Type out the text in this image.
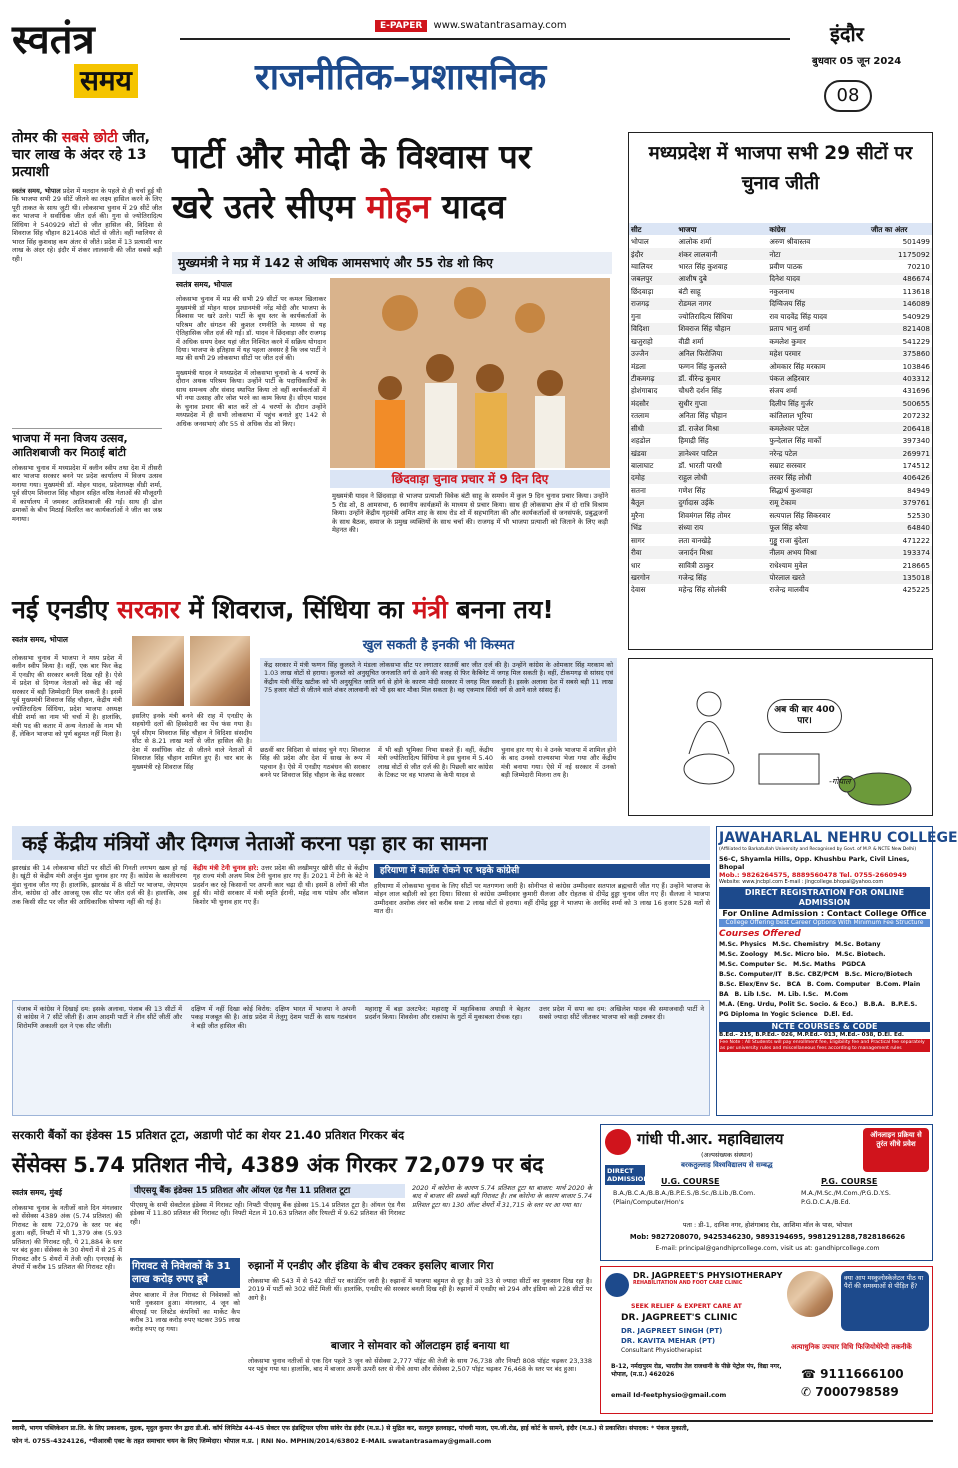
स्वतंत्र
समय
E-PAPER www.swatantrasamay.com	इंदौर
बुधवार 05 जून 2024
08
राजनीतिक–प्रशासनिक
तोमर की सबसे छोटी जीत, चार लाख के अंदर रहे 13 प्रत्याशी
स्वतंत्र समय, भोपाल प्रदेश में मतदान के पहले से ही चर्चा हुई थी कि भाजपा सभी 29 सीटें जीतने का लक्ष्य हासिल करने के लिए पूरी ताकत के साथ जुटी थी। लोकसभा चुनाव में 29 सीटें जीत कर भाजपा ने सर्वाधिक जीत दर्ज की। गुना से ज्योतिरादित्य सिंधिया ने 540929 वोटों से जीत हासिल की, विदिशा से शिवराज सिंह चौहान 821408 वोटों से जीते। वहीं ग्वालियर से भारत सिंह कुशवाह कम अंतर से जीते। प्रदेश में 13 प्रत्याशी चार लाख के अंदर रहे। इंदौर में शंकर लालवानी की जीत सबसे बड़ी रही।
भाजपा में मना विजय उत्सव, आतिशबाजी कर मिठाई बांटी
लोकसभा चुनाव में मध्यप्रदेश में क्लीन स्वीप तथा देश में तीसरी बार भाजपा सरकार बनने पर प्रदेश कार्यालय में विजय उत्सव मनाया गया। मुख्यमंत्री डॉ. मोहन यादव, प्रदेशाध्यक्ष वीडी शर्मा, पूर्व सीएम शिवराज सिंह चौहान सहित वरिष्ठ नेताओं की मौजूदगी में कार्यालय में जमकर आतिशबाजी की गई। साथ ही ढोल ढमाकों के बीच मिठाई वितरित कर कार्यकर्ताओं ने जीत का जश्न मनाया।
पार्टी और मोदी के विश्वास पर
खरे उतरे सीएम मोहन यादव
मुख्यमंत्री ने मप्र में 142 से अधिक आमसभाएं और 55 रोड शो किए
स्वतंत्र समय, भोपाल
लोकसभा चुनाव में मप्र की सभी 29 सीटों पर कमल खिलाकर मुख्यमंत्री डॉ मोहन यादव प्रधानमंत्री नरेंद्र मोदी और भाजपा के विश्वास पर खरे उतरे। पार्टी के बूथ स्तर के कार्यकर्ताओं के परिश्रम और संगठन की कुशल रणनीति के माध्यम से यह ऐतिहासिक जीत दर्ज की गई। डॉ. यादव ने छिंदवाड़ा और राजगढ़ में अधिक समय देकर यहां जीत निश्चित करने में सक्रिय योगदान दिया। भाजपा के इतिहास में यह पहला अवसर है कि जब पार्टी ने मप्र की सभी 29 लोकसभा सीटों पर जीत दर्ज की।
मुख्यमंत्री यादव ने मध्यप्रदेश में लोकसभा चुनावों के 4 चरणों के दौरान अथक परिश्रम किया। उन्होंने पार्टी के पदाधिकारियों के साथ समन्वय और संवाद स्थापित किया तो वहीं कार्यकर्ताओं में भी नया उत्साह और जोश भरने का काम किया है। सीएम यादव के चुनाव प्रचार की बात करें तो 4 चरणों के दौरान उन्होंने मध्यप्रदेश में ही सभी लोकसभा में पहुंच बनाते हुए 142 से अधिक जनसभाएं और 55 से अधिक रोड शो किए।
छिंदवाड़ा चुनाव प्रचार में 9 दिन दिए
मुख्यमंत्री यादव ने छिंदवाड़ा से भाजपा प्रत्याशी विवेक बंटी साहू के समर्थन में कुल 9 दिन चुनाव प्रचार किया। उन्होंने 5 रोड शो, 8 आमसभा, 6 स्थानीय कार्यक्रमों के माध्यम से प्रचार किया। साथ ही लोकसभा क्षेत्र में दो रात्रि विश्राम किया। उन्होंने केंद्रीय गृहमंत्री अमित शाह के साथ रोड शो में सहभागिता की और कार्यकर्ताओं से जनसंपर्क, प्रबुद्धजनों के साथ बैठक, समाज के प्रमुख व्यक्तियों के साथ चर्चा की। राजगढ़ में भी भाजपा प्रत्याशी को जिताने के लिए कड़ी मेहनत की।
मध्यप्रदेश में भाजपा सभी 29 सीटों पर चुनाव जीती
सीट	भाजपा	कांग्रेस	जीत का अंतर
भोपाल	आलोक शर्मा	अरुण श्रीवास्तव	501499
इंदौर	शंकर लालवानी	नोटा	1175092
ग्वालियर	भारत सिंह कुशवाह	प्रवीण पाठक	70210
जबलपुर	आशीष दुबे	दिनेश यादव	486674
छिंदवाड़ा	बंटी साहू	नकुलनाथ	113618
राजगढ़	रोडमल नागर	दिग्विजय सिंह	146089
गुना	ज्योतिरादित्य सिंधिया	राव यादवेंद्र सिंह यादव	540929
विदिशा	शिवराज सिंह चौहान	प्रताप भानु शर्मा	821408
खजुराहो	वीडी शर्मा	कमलेश कुमार	541229
उज्जैन	अनिल फिरोजिया	महेश परमार	375860
मंडला	फग्गन सिंह कुलस्ते	ओमकार सिंह मरकाम	103846
टीकमगढ़	डॉ. वीरेन्द्र कुमार	पंकज अहिरवार	403312
होशंगाबाद	चौधरी दर्शन सिंह	संजय शर्मा	431696
मंदसौर	सुधीर गुप्ता	दिलीप सिंह गुर्जर	500655
रतलाम	अनिता सिंह चौहान	कांतिलाल भूरिया	207232
सीधी	डॉ. राजेश मिश्रा	कमलेश्वर पटेल	206418
शहडोल	हिमाद्री सिंह	फुन्देलाल सिंह मार्को	397340
खंडवा	ज्ञानेश्वर पाटिल	नरेन्द्र पटेल	269971
बालाघाट	डॉ. भारती पारधी	सम्राट सरस्वार	174512
दमोह	राहुल लोधी	तरवर सिंह लोधी	406426
सतना	गणेश सिंह	सिद्धार्थ कुशवाहा	84949
बैतूल	दुर्गादास उईके	रामू टेकाम	379761
मुरैना	शिवमंगल सिंह तोमर	सत्यपाल सिंह सिकरवार	52530
भिंड	संध्या राय	फूल सिंह बरैया	64840
सागर	लता वानखेड़े	गुड्डू राजा बुंदेला	471222
रीवा	जनार्दन मिश्रा	नीलम अभय मिश्रा	193374
धार	सावित्री ठाकुर	राधेश्याम मुवेल	218665
खरगोन	गजेन्द्र सिंह	पोरलाल खरते	135018
देवास	महेन्द्र सिंह सोलंकी	राजेन्द्र मालवीय	425225
अब की बार 400 पार।
-गोपाल
नई एनडीए सरकार में शिवराज, सिंधिया का मंत्री बनना तय!
स्वतंत्र समय, भोपाल
लोकसभा चुनाव में भाजपा ने मध्य प्रदेश में क्लीन स्वीप किया है। वहीं, एक बार फिर केंद्र में एनडीए की सरकार बनती दिख रही है। ऐसे में प्रदेश से दिग्गज नेताओं को केंद्र की नई सरकार में बड़ी जिम्मेदारी मिल सकती है। इसमें पूर्व मुख्यमंत्री शिवराज सिंह चौहान, केंद्रीय मंत्री ज्योतिरादित्य सिंधिया, प्रदेश भाजपा अध्यक्ष वीडी शर्मा का नाम भी चर्चा में है। हालांकि, मंत्री पद की कतार में अन्य नेताओं के नाम भी हैं, लेकिन भाजपा को पूर्ण बहुमत नहीं मिला है।
इसलिए इनके मंत्री बनने की राह में एनडीए के सहयोगी दलों की हिस्सेदारी का पेंच फंस गया है। पूर्व सीएम शिवराज सिंह चौहान ने विदिशा संसदीय सीट से 8.21 लाख मतों से जीत हासिल की है। देश में सर्वाधिक वोट से जीतने वाले नेताओं में शिवराज सिंह चौहान शामिल हुए हैं। चार बार के मुख्यमंत्री रहे शिवराज सिंह
खुल सकती है इनकी भी किस्मत
केंद्र सरकार में मंत्री फग्गन सिंह कुलस्ते ने मंडला लोकसभा सीट पर लगातार सातवीं बार जीत दर्ज की है। उन्होंने कांग्रेस के ओमकार सिंह मरकाम को 1.03 लाख वोटों से हराया। कुलस्ते को अनुसूचित जनजाति वर्ग से आने की वजह से फिर कैबिनेट में जगह मिल सकती है। वहीं, टीकमगढ़ से सांसद एवं केंद्रीय मंत्री वीरेंद्र खटीक को भी अनुसूचित जाति वर्ग से होने के कारण मोदी सरकार में जगह मिल सकती है। इसके अलावा देश में सबसे बड़ी 11 लाख 75 हजार वोटों से जीतने वाले शंकर लालवानी को भी इस बार मौका मिल सकता है। वह एकमात्र सिंधी वर्ग से आने वाले सांसद हैं।
छठवीं बार विदिशा से सांसद चुने गए। शिवराज सिंह की प्रदेश और देश में साख के रूप में पहचान है। ऐसे में एनडीए गठबंधन की सरकार बनने पर शिवराज सिंह चौहान के केंद्र सरकार
में भी बड़ी भूमिका निभा सकते हैं। वहीं, केंद्रीय मंत्री ज्योतिरादित्य सिंधिया ने इस चुनाव में 5.40 लाख वोटों से जीत दर्ज की है। पिछली बार कांग्रेस के टिकट पर वह भाजपा के केपी यादव से
चुनाव हार गए थे। वे उनके भाजपा में शामिल होने के बाद उनको राज्यसभा भेजा गया और केंद्रीय मंत्री बनाया गया। ऐसे में नई सरकार में उनको बड़ी जिम्मेदारी मिलना तय है।
JAWAHARLAL NEHRU COLLEGE
(Affiliated to Barkatullah University and Recognised by Govt. of M.P. & NCTE New Delhi)
56-C, Shyamla Hills, Opp. Khushbu Park, Civil Lines, Bhopal
Mob.: 9826264575, 8889560478 Tel. 0755-2660949
Website: www.jncbpl.com E-mail : jlngcollege.bhopal@yahoo.com
DIRECT REGISTRATION FOR ONLINE ADMISSION
For Online Admission : Contact College Office
College Offering best Career Options With Minimum Fee Structure
Courses Offered
M.Sc. Physics M.Sc. Chemistry M.Sc. BotanyM.Sc. Zoology M.Sc. Micro bio. M.Sc. Biotech.M.Sc. Computer Sc. M.Sc. Maths PGDCAB.Sc. Computer/IT B.Sc. CBZ/PCM B.Sc. Micro/BiotechB.Sc. Elex/Env Sc. BCA B. Com. Computer B.Com. PlainBA B. Lib I.Sc. M. Lib. I.Sc. M.ComM.A. (Eng. Urdu, Polit Sc. Socio. & Eco.) B.B.A. B.P.E.S.PG Diploma In Yogic Science D.El. Ed.
NCTE COURSES & CODE
B.Ed.- 215, B.P.Ed.- 026, M.P.Ed.- 013, M.Ed.- 038, D.El. Ed.
Fee Note : All Students will pay enrollment fee, Eligibility fee and Practical fee separately as per university rules and miscellaneous fees according to management rules
कई केंद्रीय मंत्रियों और दिग्गज नेताओं करना पड़ा हार का सामना
झारखंड की 14 लोकसभा सीटों पर सीटों की गिनती लगभग खत्म हो गई है। खूंटी से केंद्रीय मंत्री अर्जुन मुंडा चुनाव हार गए हैं। कांग्रेस के कालीचरण मुंडा चुनाव जीत गए हैं। हालांकि, झारखंड में 8 सीटों पर भाजपा, जेएमएम तीन, कांग्रेस दो और आजसू एक सीट पर जीत दर्ज की है। हालांकि, अब तक किसी सीट पर जीत की आधिकारिक घोषणा नहीं की गई है।
केंद्रीय मंत्री टेनी चुनाव हारे: उत्तर प्रदेश की लखीमपुर खीरी सीट से केंद्रीय गृह राज्य मंत्री अजय मिश्र टेनी चुनाव हार गए हैं। 2021 में टेनी के बेटे ने प्रदर्शन कर रहे किसानों पर अपनी कार चढ़ा दी थी। इसमें 8 लोगों की मौत हुई थी। मोदी सरकार में मंत्री स्मृति ईरानी, महेंद्र नाथ पांडेय और कौशल किशोर भी चुनाव हार गए हैं।
हरियाणा में कार्ग्रेस रोकने पर भड़के कांग्रेसी
हरियाणा में लोकसभा चुनाव के लिए सीटों पर मतगणना जारी है। सोनीपत से कांग्रेस उम्मीदवार सतपाल ब्रह्मचारी जीत गए हैं। उन्होंने भाजपा के मोहन लाल बड़ौली को हरा दिया। सिरसा से कांग्रेस उम्मीदवार कुमारी सैलजा और रोहतक से दीपेंद्र हुड्डा चुनाव जीत गए हैं। सैलजा ने भाजपा उम्मीदवार अशोक तंवर को करीब सवा 2 लाख वोटों से हराया। वहीं दीपेंद्र हुड्डा ने भाजपा के अरविंद शर्मा को 3 लाख 16 हजार 528 मतों से मात दी।
पंजाब में कांग्रेस ने दिखाई दम: इसके अलावा, पंजाब की 13 सीटों में से कांग्रेस ने 7 सीटें जीती हैं। आम आदमी पार्टी ने तीन सीटें जीतीं और शिरोमणि अकाली दल ने एक सीट जीती।
दक्षिण में नहीं दिखा कोई विरोध: दक्षिण भारत में भाजपा ने अपनी पकड़ मजबूत की है। आंध्र प्रदेश में तेलुगु देशम पार्टी के साथ गठबंधन ने बड़ी जीत हासिल की।
महाराष्ट्र में बड़ा उलटफेर: महाराष्ट्र में महाविकास अघाड़ी ने बेहतर प्रदर्शन किया। शिवसेना और राकांपा के गुटों में मुकाबला रोचक रहा।
उत्तर प्रदेश में सपा का दम: अखिलेश यादव की समाजवादी पार्टी ने सबसे ज्यादा सीटें जीतकर भाजपा को कड़ी टक्कर दी।
सरकारी बैंकों का इंडेक्स 15 प्रतिशत टूटा, अडाणी पोर्ट का शेयर 21.40 प्रतिशत गिरकर बंद
सेंसेक्स 5.74 प्रतिशत नीचे, 4389 अंक गिरकर 72,079 पर बंद
स्वतंत्र समय, मुंबई
लोकसभा चुनाव के नतीजों वाले दिन मंगलवार को सेंसेक्स 4389 अंक (5.74 प्रतिशत) की गिरावट के साथ 72,079 के स्तर पर बंद हुआ। वहीं, निफ्टी में भी 1,379 अंक (5.93 प्रतिशत) की गिरावट रही, ये 21,884 के स्तर पर बंद हुआ। सेंसेक्स के 30 शेयरों में से 25 में गिरावट और 5 शेयरों में तेजी रही। एनएसई के शेयरों में करीब 15 प्रतिशत की गिरावट रही।
पीएसयू बैंक इंडेक्स 15 प्रतिशत और ऑयल एंड गैस 11 प्रतिशत टूटा
पीएसयू के सभी सेक्टोरल इंडेक्स में गिरावट रही। निफ्टी पीएसयू बैंक इंडेक्स 15.14 प्रतिशत टूटा है। ऑयल एंड गैस इंडेक्स में 11.80 प्रतिशत की गिरावट रही। निफ्टी मेटल में 10.63 प्रतिशत और रियल्टी में 9.62 प्रतिशत की गिरावट रही।
2020 में कोरोना के कारण 5.74 प्रतिशत टूटा था बाजार: मार्च 2020 के बाद ये बाजार की सबसे बड़ी गिरावट है। तब कोरोना के कारण बाजार 5.74 प्रतिशत टूटा था। 130 ऑल्ट शेयरों में 31,715 के स्तर पर आ गया था।
गिरावट से निवेशकों के 31 लाख करोड़ रुपए डूबे
शेयर बाजार में तेज गिरावट से निवेशकों को भारी नुकसान हुआ। मंगलवार, 4 जून को बीएसई पर लिस्टेड कंपनियों का मार्केट कैप करीब 31 लाख करोड़ रुपए घटकर 395 लाख करोड़ रुपए रह गया।
रुझानों में एनडीए और इंडिया के बीच टक्कर इसलिए बाजार गिरा
लोकसभा की 543 में से 542 सीटों पर काउंटिंग जारी है। रुझानों में भाजपा बहुमत से दूर है। उसे 33 से ज्यादा सीटों का नुकसान दिख रहा है। 2019 में पार्टी को 302 सीटें मिली थीं। हालांकि, एनडीए की सरकार बनती दिख रही है। रुझानों में एनडीए को 294 और इंडिया को 228 सीटों पर आगे है।
बाजार ने सोमवार को ऑलटाइम हाई बनाया था
लोकसभा चुनाव नतीजों से एक दिन पहले 3 जून को सेंसेक्स 2,777 पॉइंट की तेजी के साथ 76,738 और निफ्टी 808 पॉइंट चढ़कर 23,338 पर पहुंच गया था। हालांकि, बाद में बाजार अपनी ऊपरी स्तर से नीचे आया और सेंसेक्स 2,507 पॉइंट चढ़कर 76,468 के स्तर पर बंद हुआ।
गांधी पी.आर. महाविद्यालय
(अल्पसंख्यक संस्थान)
बरकतुल्लाह विश्वविद्यालय से सम्बद्ध
ऑनलाइन प्रक्रिया से तुरंत सीधे प्रवेश
DIRECT ADMISSION U.G. COURSE
B.A./B.C.A./B.B.A./B.P.E.S./B.Sc./B.Lib./B.Com.(Plain/Computer/Hon's
P.G. COURSE
M.A./M.Sc./M.Com./P.G.D.Y.S. P.G.D.C.A./B.Ed.
पता : डी-1, दानिश नगर, होशंगाबाद रोड, आशिमा मॉल के पास, भोपाल
Mob: 9827208070, 9425346230, 9893194695, 9981291288,7828186626
E-mail: principal@gandhiprcollege.com, visit us at: gandhiprcollege.com
DR. JAGPREET'S PHYSIOTHERAPY
REHABILITATION AND FOOT CARE CLINIC
SEEK RELIEF & EXPERT CARE AT
DR. JAGPREET'S CLINIC
DR. JAGPREET SINGH (PT)
DR. KAVITA MEHAR (PT)
Consultant Physiotherapist
B-12, नर्मदापुरम रोड, भारतीय तेल राजधानी के पीछे पेट्रोल पंप, विद्या नगर, भोपाल, (म.प्र.) 462026
email Id-feetphysio@gmail.com
क्या आप मस्कुलोस्केलेटल पीठ या पैरों की समस्याओं से पीड़ित हैं?
अत्याधुनिक उपचार विधि फिजियोथेरेपी तकनीकें
☎ 9111666100
✆ 7000798589
स्वामी, भागय पब्लिकेशन प्रा.लि. के लिए प्रकाशक, मुद्रक, मृदुल कुमार जैन द्वारा डी.बी. कॉर्प लिमिटेड 44-45 सेक्टर एफ इंडस्ट्रियल एरिया सांवेर रोड इंदौर (म.प्र.) से मुद्रित कर, सतगुरु हलवाइट, पांचवी माला, एम.जी.रोड, हाई कोर्ट के सामने, इंदौर (म.प्र.) से प्रकाशित। संपादक: * पंकज मुकाती,
फोन नं. 0755-4324126, *पीआरबी एक्ट के तहत समाचार चयन के लिए जिम्मेदार। भोपाल म.प्र. | RNI No. MPHIN/2014/63802 E-MAIL swatantrasamay@gmail.com
